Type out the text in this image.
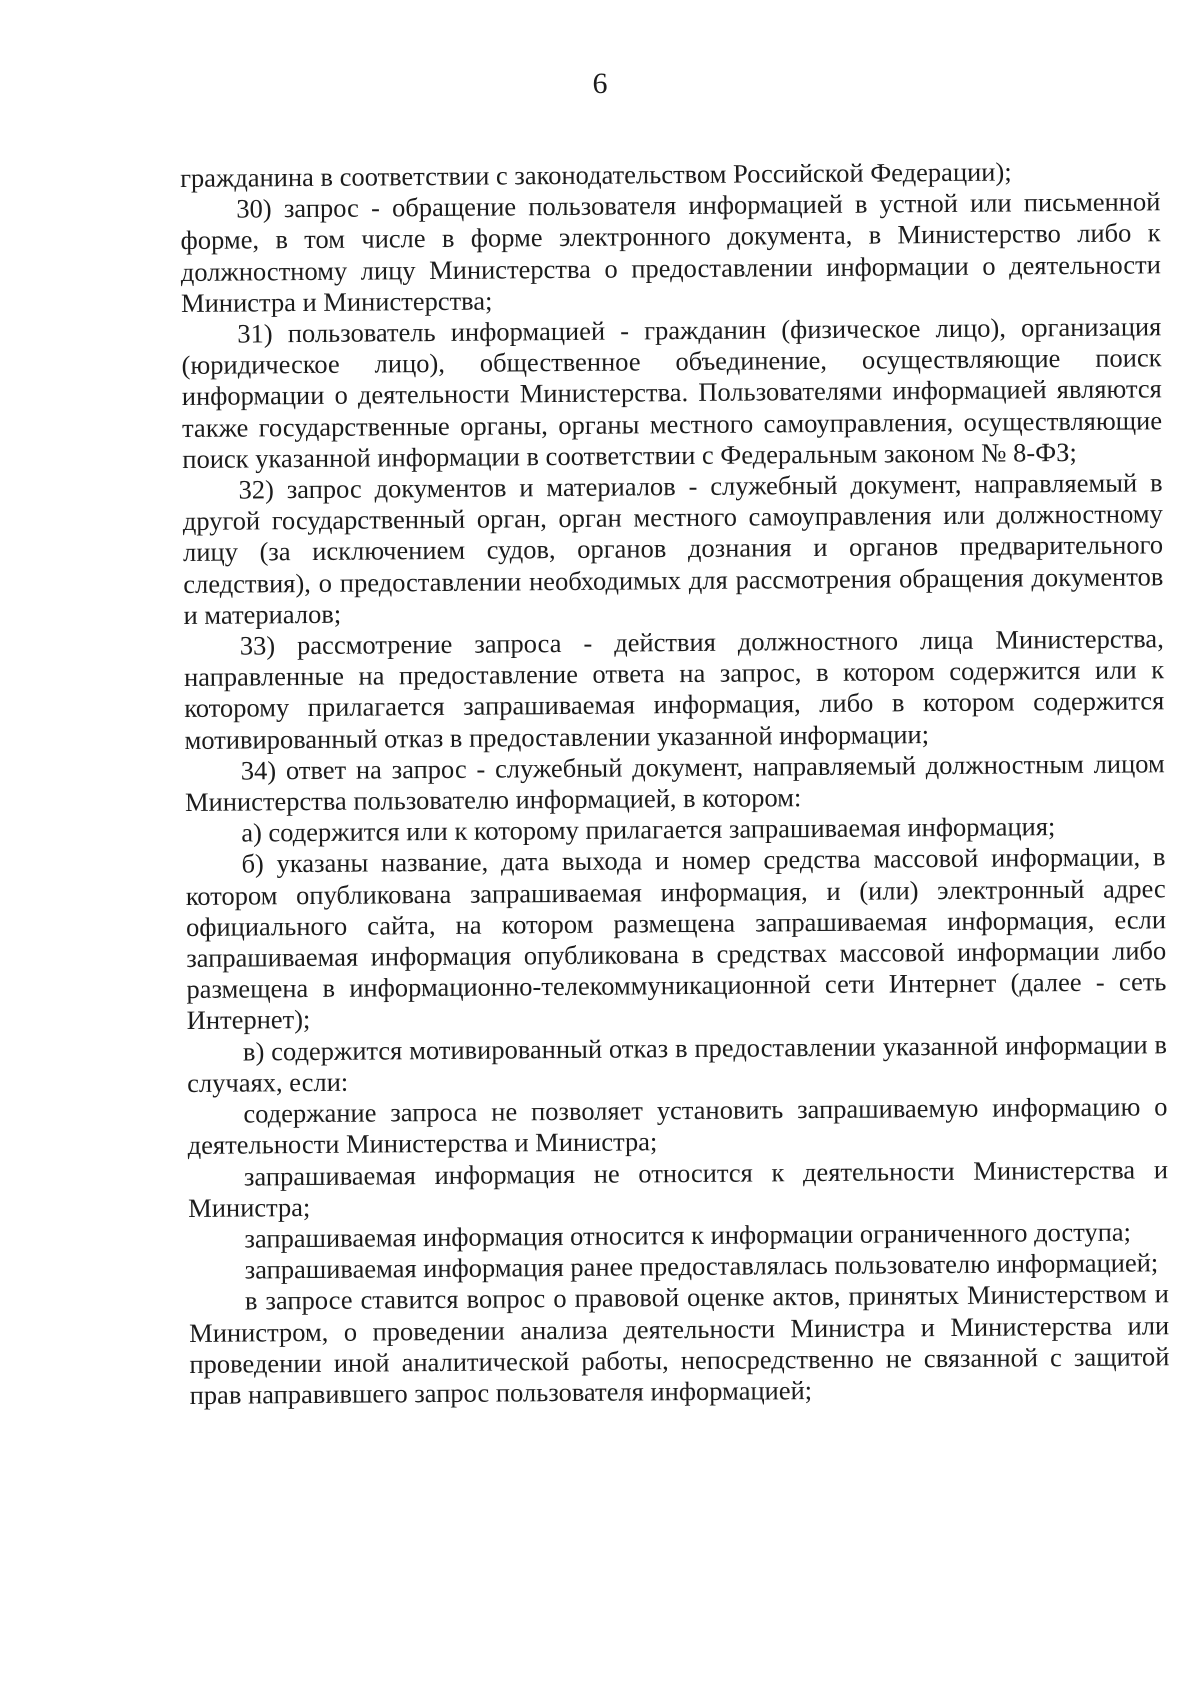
6

гражданина в соответствии с законодательством Российской Федерации);

30) запрос - обращение пользователя информацией в устной или письменной форме, в том числе в форме электронного документа, в Министерство либо к должностному лицу Министерства о предоставлении информации о деятельности Министра и Министерства;

31) пользователь информацией - гражданин (физическое лицо), организация (юридическое лицо), общественное объединение, осуществляющие поиск информации о деятельности Министерства. Пользователями информацией являются также государственные органы, органы местного самоуправления, осуществляющие поиск указанной информации в соответствии с Федеральным законом № 8-ФЗ;

32) запрос документов и материалов - служебный документ, направляемый в другой государственный орган, орган местного самоуправления или должностному лицу (за исключением судов, органов дознания и органов предварительного следствия), о предоставлении необходимых для рассмотрения обращения документов и материалов;

33) рассмотрение запроса - действия должностного лица Министерства, направленные на предоставление ответа на запрос, в котором содержится или к которому прилагается запрашиваемая информация, либо в котором содержится мотивированный отказ в предоставлении указанной информации;

34) ответ на запрос - служебный документ, направляемый должностным лицом Министерства пользователю информацией, в котором:

а) содержится или к которому прилагается запрашиваемая информация;

б) указаны название, дата выхода и номер средства массовой информации, в котором опубликована запрашиваемая информация, и (или) электронный адрес официального сайта, на котором размещена запрашиваемая информация, если запрашиваемая информация опубликована в средствах массовой информации либо размещена в информационно-телекоммуникационной сети Интернет (далее - сеть Интернет);

в) содержится мотивированный отказ в предоставлении указанной информации в случаях, если:

содержание запроса не позволяет установить запрашиваемую информацию о деятельности Министерства и Министра;

запрашиваемая информация не относится к деятельности Министерства и Министра;

запрашиваемая информация относится к информации ограниченного доступа;

запрашиваемая информация ранее предоставлялась пользователю информацией;

в запросе ставится вопрос о правовой оценке актов, принятых Министерством и Министром, о проведении анализа деятельности Министра и Министерства или проведении иной аналитической работы, непосредственно не связанной с защитой прав направившего запрос пользователя информацией;
